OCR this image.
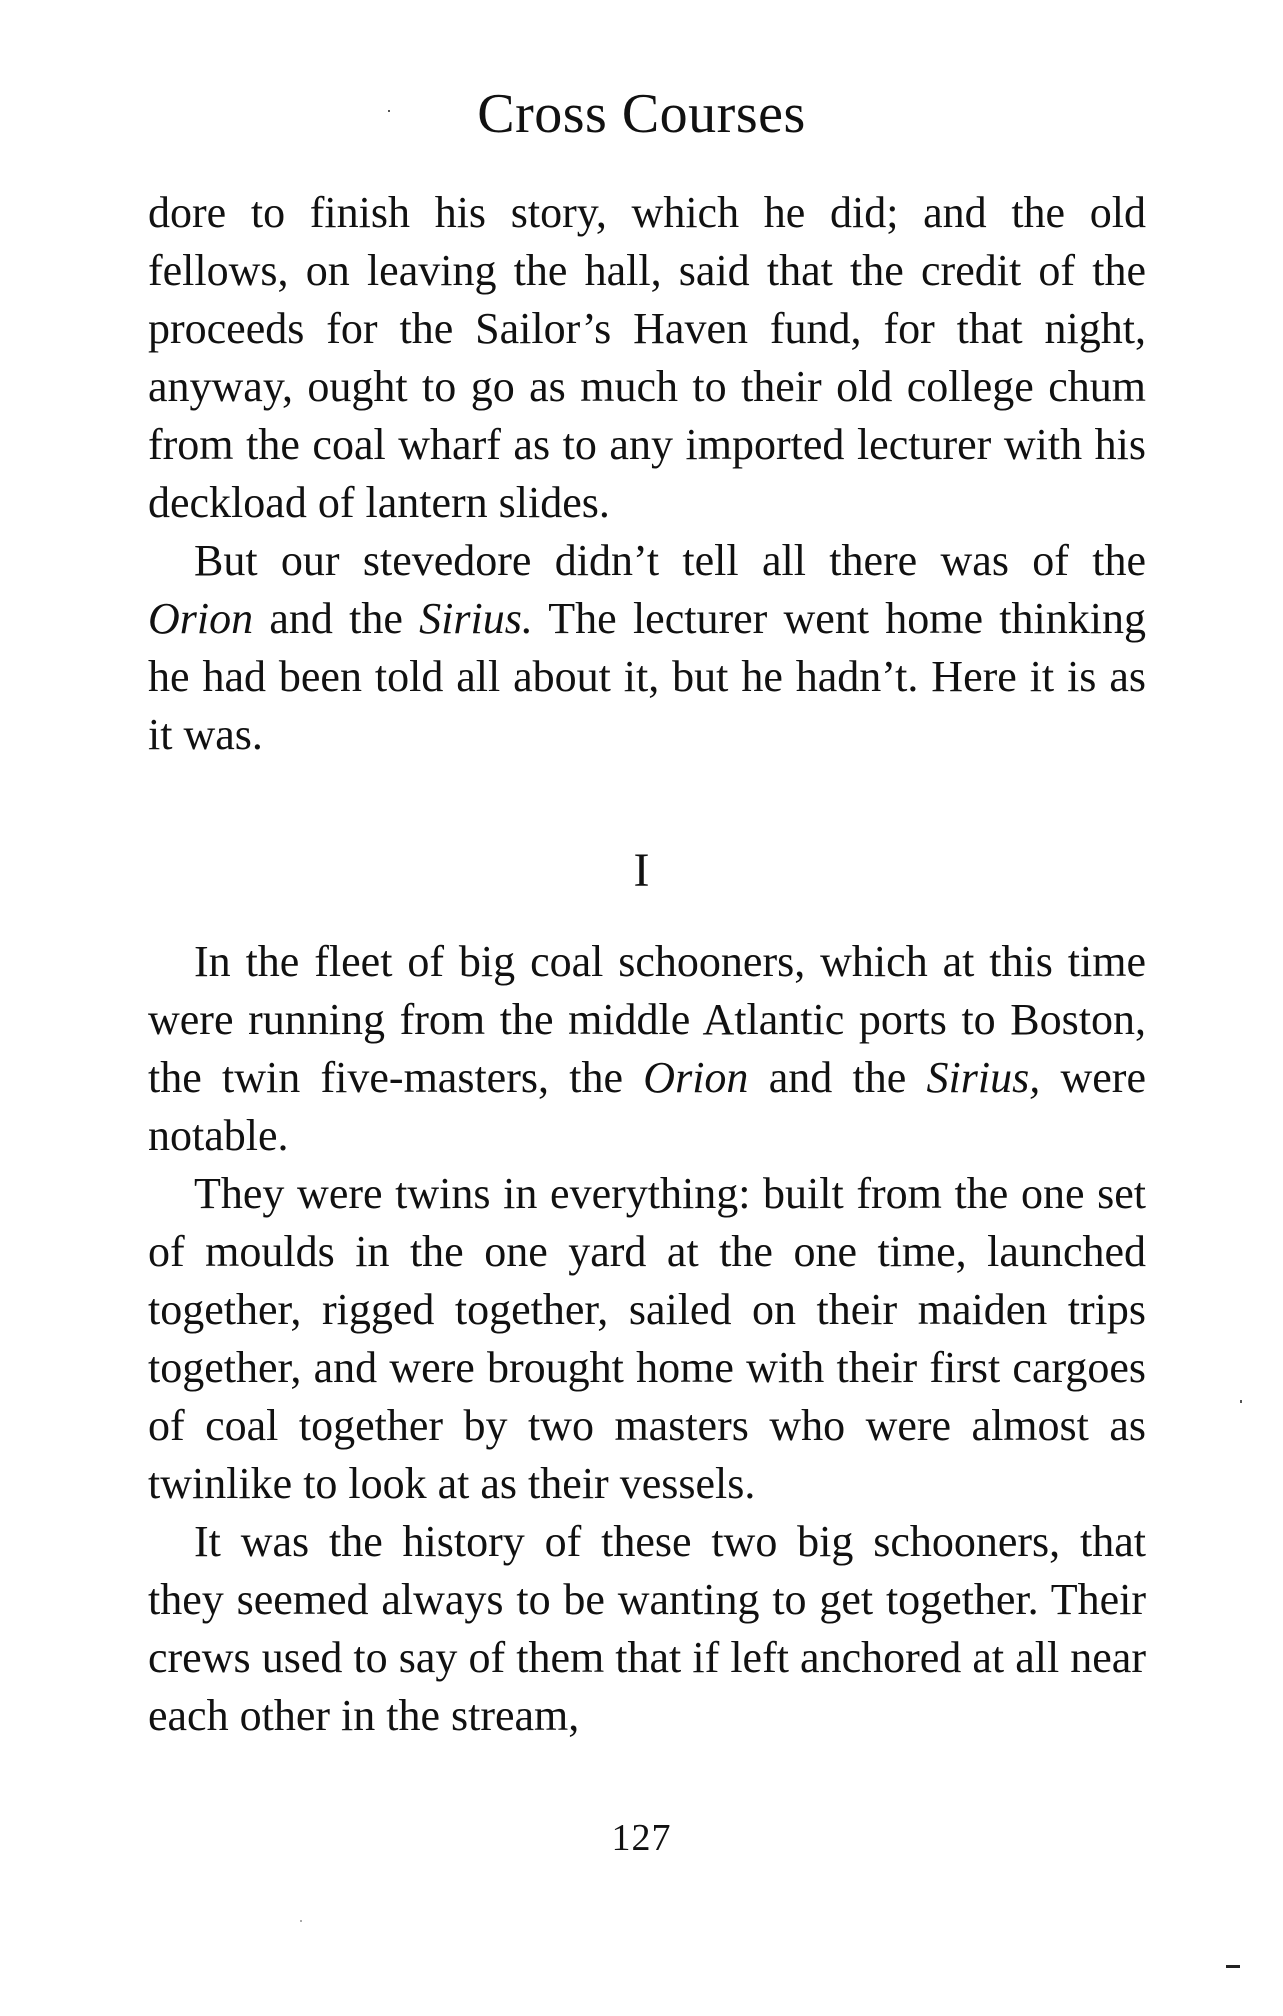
Cross Courses

dore to finish his story, which he did; and the old fellows, on leaving the hall, said that the credit of the proceeds for the Sailor’s Haven fund, for that night, anyway, ought to go as much to their old college chum from the coal wharf as to any imported lecturer with his deckload of lantern slides.

But our stevedore didn’t tell all there was of the Orion and the Sirius. The lecturer went home thinking he had been told all about it, but he hadn’t. Here it is as it was.

I

In the fleet of big coal schooners, which at this time were running from the middle Atlantic ports to Boston, the twin five-masters, the Orion and the Sirius, were notable.

They were twins in everything: built from the one set of moulds in the one yard at the one time, launched together, rigged together, sailed on their maiden trips together, and were brought home with their first cargoes of coal together by two masters who were almost as twinlike to look at as their vessels.

It was the history of these two big schooners, that they seemed always to be wanting to get together. Their crews used to say of them that if left anchored at all near each other in the stream,

127
